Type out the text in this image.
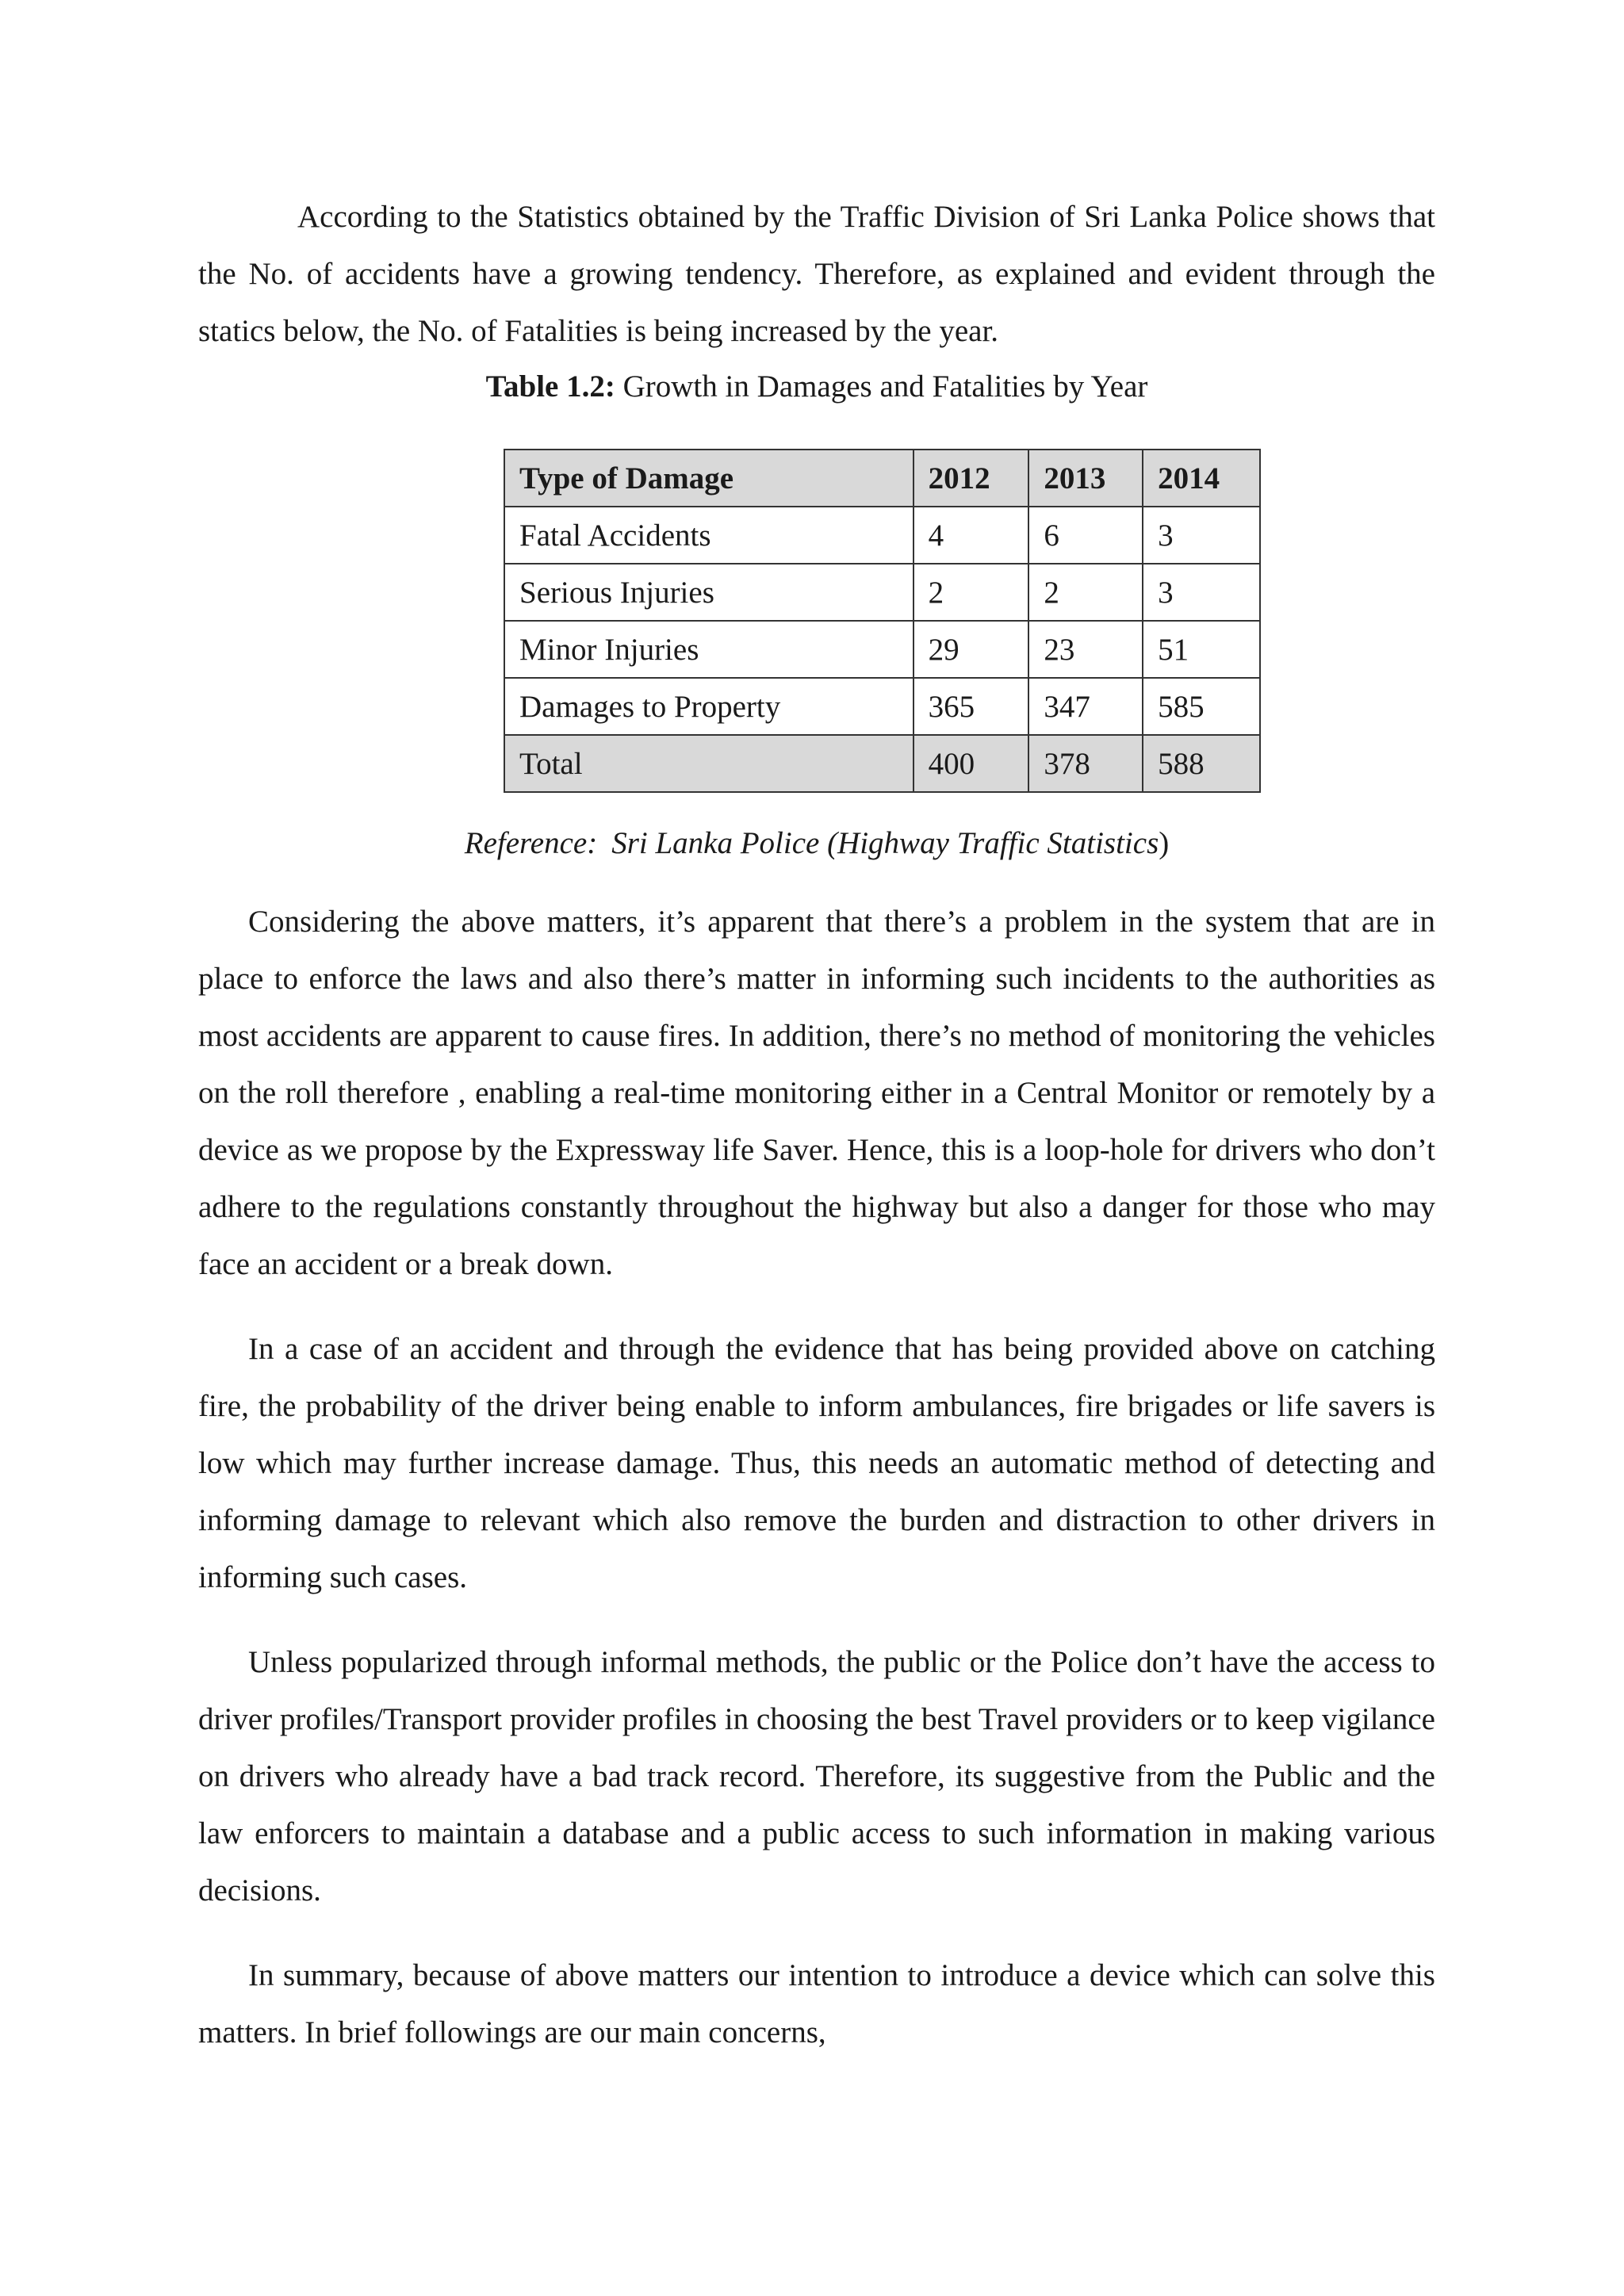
According to the Statistics obtained by the Traffic Division of Sri Lanka Police shows that the No. of accidents have a growing tendency. Therefore, as explained and evident through the statics below, the No. of Fatalities is being increased by the year.

Table 1.2: Growth in Damages and Fatalities by Year
Type of Damage	2012	2013	2014
Fatal Accidents	4	6	3
Serious Injuries	2	2	3
Minor Injuries	29	23	51
Damages to Property	365	347	585
Total	400	378	588
Reference: Sri Lanka Police (Highway Traffic Statistics)

Considering the above matters, it’s apparent that there’s a problem in the system that are in place to enforce the laws and also there’s matter in informing such incidents to the authorities as most accidents are apparent to cause fires. In addition, there’s no method of monitoring the vehicles on the roll therefore , enabling a real-time monitoring either in a Central Monitor or remotely by a device as we propose by the Expressway life Saver. Hence, this is a loop-hole for drivers who don’t adhere to the regulations constantly throughout the highway but also a danger for those who may face an accident or a break down.

In a case of an accident and through the evidence that has being provided above on catching fire, the probability of the driver being enable to inform ambulances, fire brigades or life savers is low which may further increase damage. Thus, this needs an automatic method of detecting and informing damage to relevant which also remove the burden and distraction to other drivers in informing such cases.

Unless popularized through informal methods, the public or the Police don’t have the access to driver profiles/Transport provider profiles in choosing the best Travel providers or to keep vigilance on drivers who already have a bad track record. Therefore, its suggestive from the Public and the law enforcers to maintain a database and a public access to such information in making various decisions.

In summary, because of above matters our intention to introduce a device which can solve this matters. In brief followings are our main concerns,
